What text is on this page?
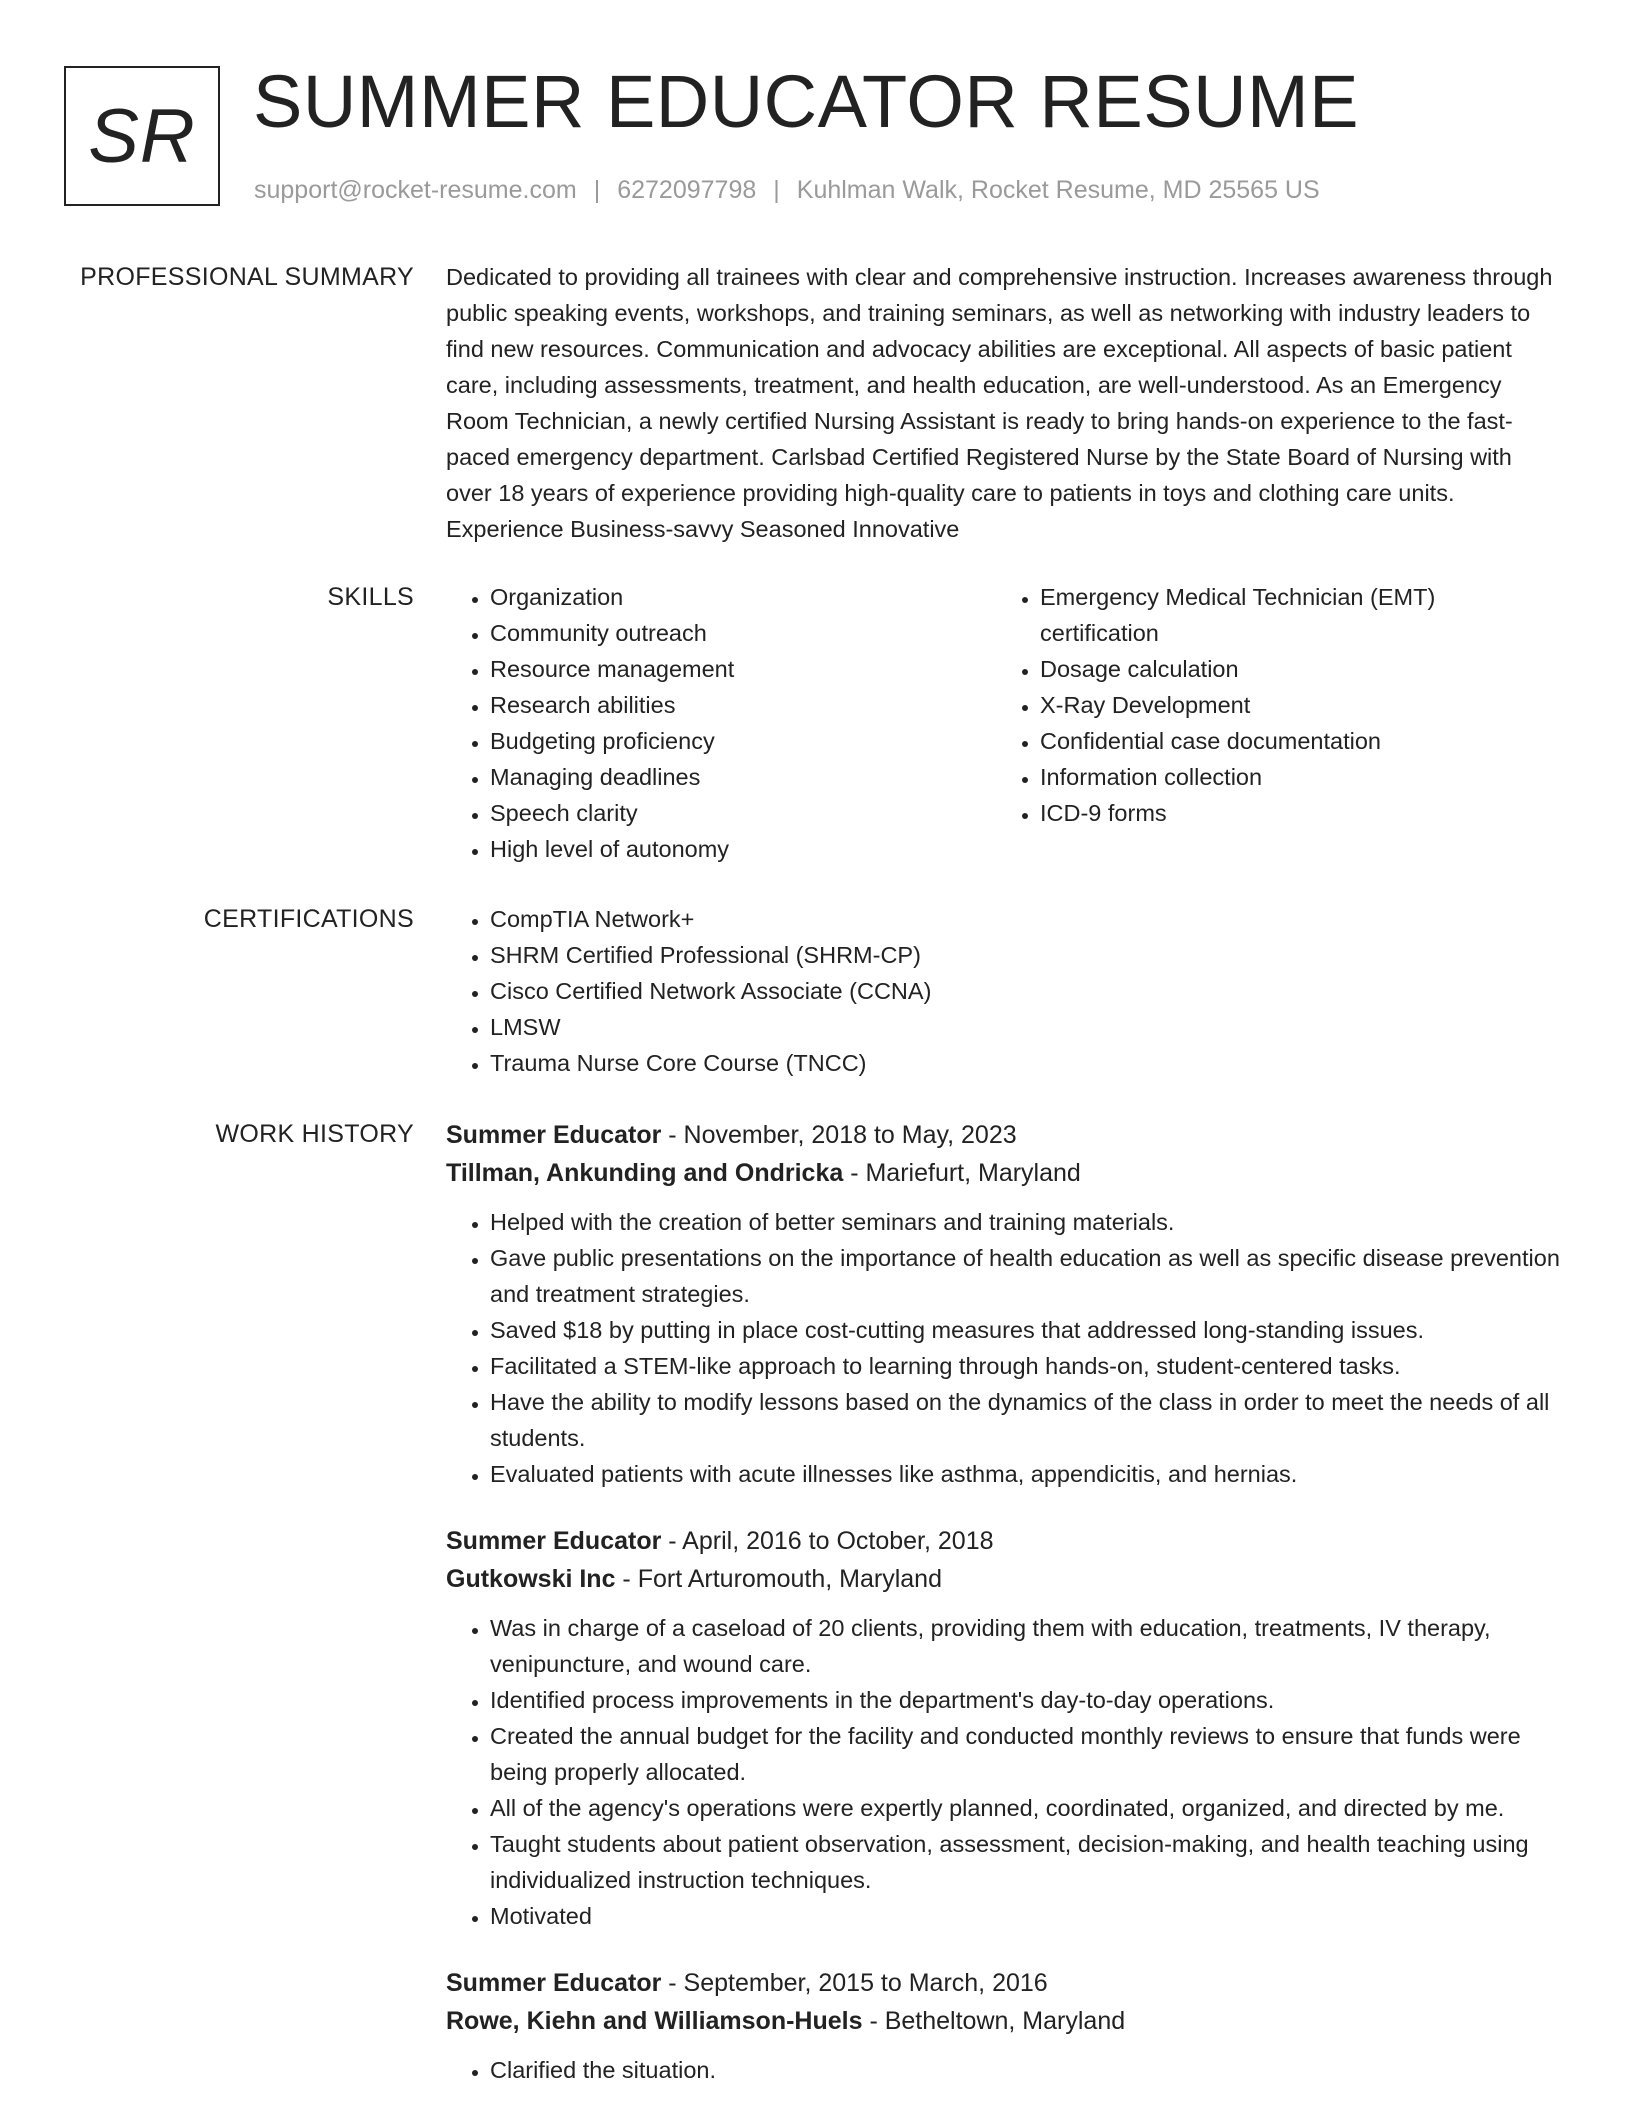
SR SUMMER EDUCATOR RESUME
support@rocket-resume.com | 6272097798 | Kuhlman Walk, Rocket Resume, MD 25565 US
PROFESSIONAL SUMMARY Dedicated to providing all trainees with clear and comprehensive instruction. Increases awareness through public speaking events, workshops, and training seminars, as well as networking with industry leaders to find new resources. Communication and advocacy abilities are exceptional. All aspects of basic patient care, including assessments, treatment, and health education, are well-understood. As an Emergency Room Technician, a newly certified Nursing Assistant is ready to bring hands-on experience to the fast-paced emergency department. Carlsbad Certified Registered Nurse by the State Board of Nursing with over 18 years of experience providing high-quality care to patients in toys and clothing care units. Experience Business-savvy Seasoned Innovative

SKILLS	• Organization
• Community outreach
• Resource management
• Research abilities
• Budgeting proficiency
• Managing deadlines
• Speech clarity
• High level of autonomy
• Emergency Medical Technician (EMT) certification
• Dosage calculation
• X-Ray Development
• Confidential case documentation
• Information collection
• ICD-9 forms
CERTIFICATIONS	• CompTIA Network+
• SHRM Certified Professional (SHRM-CP)
• Cisco Certified Network Associate (CCNA)
• LMSW
• Trauma Nurse Core Course (TNCC)
WORK HISTORY Summer Educator - November, 2018 to May, 2023
Tillman, Ankunding and Ondricka - Mariefurt, Maryland
• Helped with the creation of better seminars and training materials.
• Gave public presentations on the importance of health education as well as specific disease prevention and treatment strategies.
• Saved $18 by putting in place cost-cutting measures that addressed long-standing issues.
• Facilitated a STEM-like approach to learning through hands-on, student-centered tasks.
• Have the ability to modify lessons based on the dynamics of the class in order to meet the needs of all students.
• Evaluated patients with acute illnesses like asthma, appendicitis, and hernias.
Summer Educator - April, 2016 to October, 2018
Gutkowski Inc - Fort Arturomouth, Maryland
• Was in charge of a caseload of 20 clients, providing them with education, treatments, IV therapy, venipuncture, and wound care.
• Identified process improvements in the department's day-to-day operations.
• Created the annual budget for the facility and conducted monthly reviews to ensure that funds were being properly allocated.
• All of the agency's operations were expertly planned, coordinated, organized, and directed by me.
• Taught students about patient observation, assessment, decision-making, and health teaching using individualized instruction techniques.
• Motivated
Summer Educator - September, 2015 to March, 2016
Rowe, Kiehn and Williamson-Huels - Betheltown, Maryland
• Clarified the situation.
